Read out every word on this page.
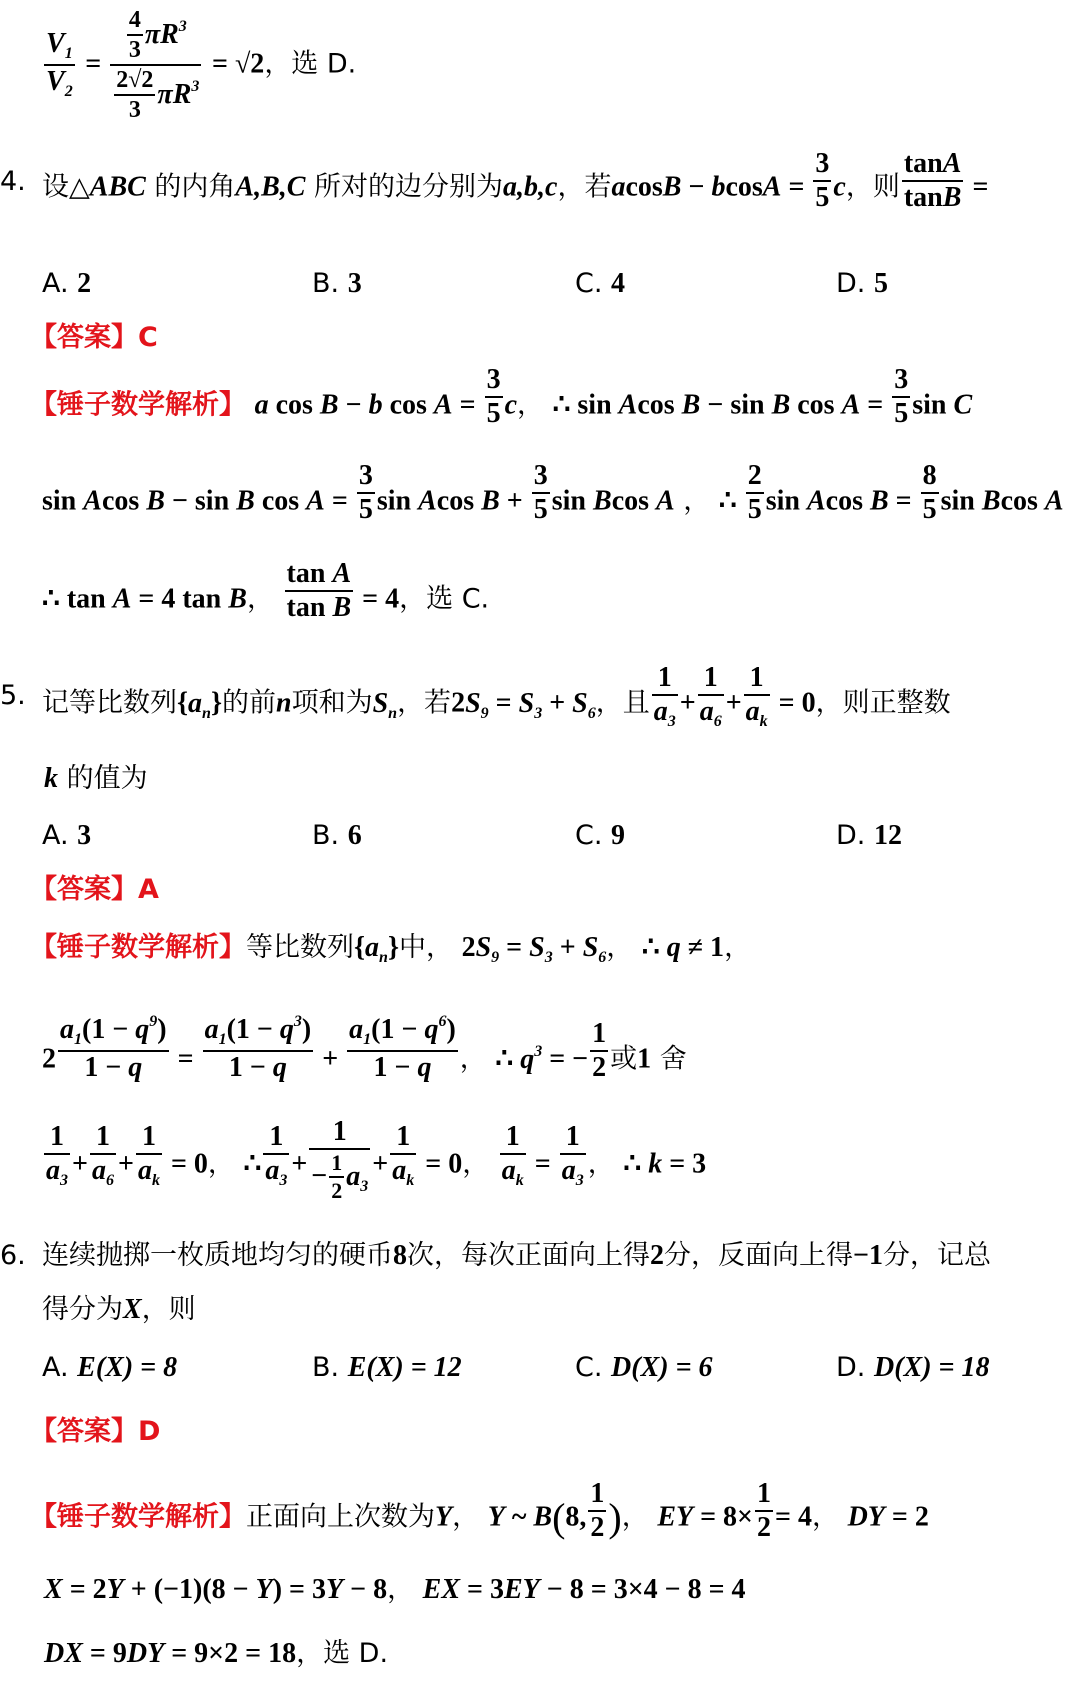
$\frac{V_1}{V_2} = \frac{\frac{4}{3} \pi R^3}{\frac{2√2}{3} \pi R^3} = √2$，选 D.
4. 设△ABC 的内角A,B,C 所对的边分别为a,b,c，若$acosB - bcosA = \frac{3}{5}$ c，则 $\frac{\tan A}{\tan B}$ =
A. 2	B. 3	C. 4	D. 5
【答案】C
【锤子数学解析】 a cos B − b $\cos A = \frac{3}{5}$ c， ∴ sin Acos B − sin B $\cos A = \frac{3}{5}$ sin C
sin Acos B − sin B $\cos A = \frac{3}{5}$ sin Acos $B + \frac{3}{5}$ sin Bcos A ， ∴ $\frac{2}{5}$ sin Acos $B = \frac{8}{5}$ sin Bcos A
∴ tan A = 4 tan B， $\frac{\text{tan A}}{\text{tan B}} = 4$，选 C.
5. 记等比数列$\{a_n\}$的前n项和为$S_n$，若$2S_9 = S_3 + S_6$，且 $\frac{1}{a_3} + \frac{1}{a_6} + \frac{1}{a_k} = 0$，则正整数
k 的值为
A. 3	B. 6	C. 9	D. 12
【答案】A
【锤子数学解析】等比数列$\{a_n\}$中， $2S_9 = S_3 + S_6$， ∴ q ≠ 1，
$2 \frac{a_1(1 - q^9)}{1 - q} = \frac{a_1(1 - q^3)}{1 - q} + \frac{a_1(1 - q^6)}{1 - q}$ ， ∴ $q^3$ = − $\frac{1}{2}$ 或1 舍
$\frac{1}{a_3} + \frac{1}{a_6} + \frac{1}{a_k} = 0$， ∴ $\frac{1}{a_3} + \frac{1}{- \frac{1}{2} a_3} + \frac{1}{a_k} = 0$， $\frac{1}{a_k} = \frac{1}{a_3}$ ， ∴ k = 3
6. 连续抛掷一枚质地均匀的硬币8次，每次正面向上得2分，反面向上得−1分，记总
得分为X，则
A. E(X) = 8	B. E(X) = 12	C. D(X) = 6	D. D(X) = 18
【答案】D
【锤子数学解析】正面向上次数为Y， Y ~ B(8, $\frac{1}{2}$ )， EY = $8\times \frac{1}{2} = 4$， DY = 2
X = 2Y + (−1)(8 − Y) = 3Y − 8， EX = 3EY − 8 = 3×4 − 8 = 4
DX = 9DY = 9×2 = 18，选 D.
